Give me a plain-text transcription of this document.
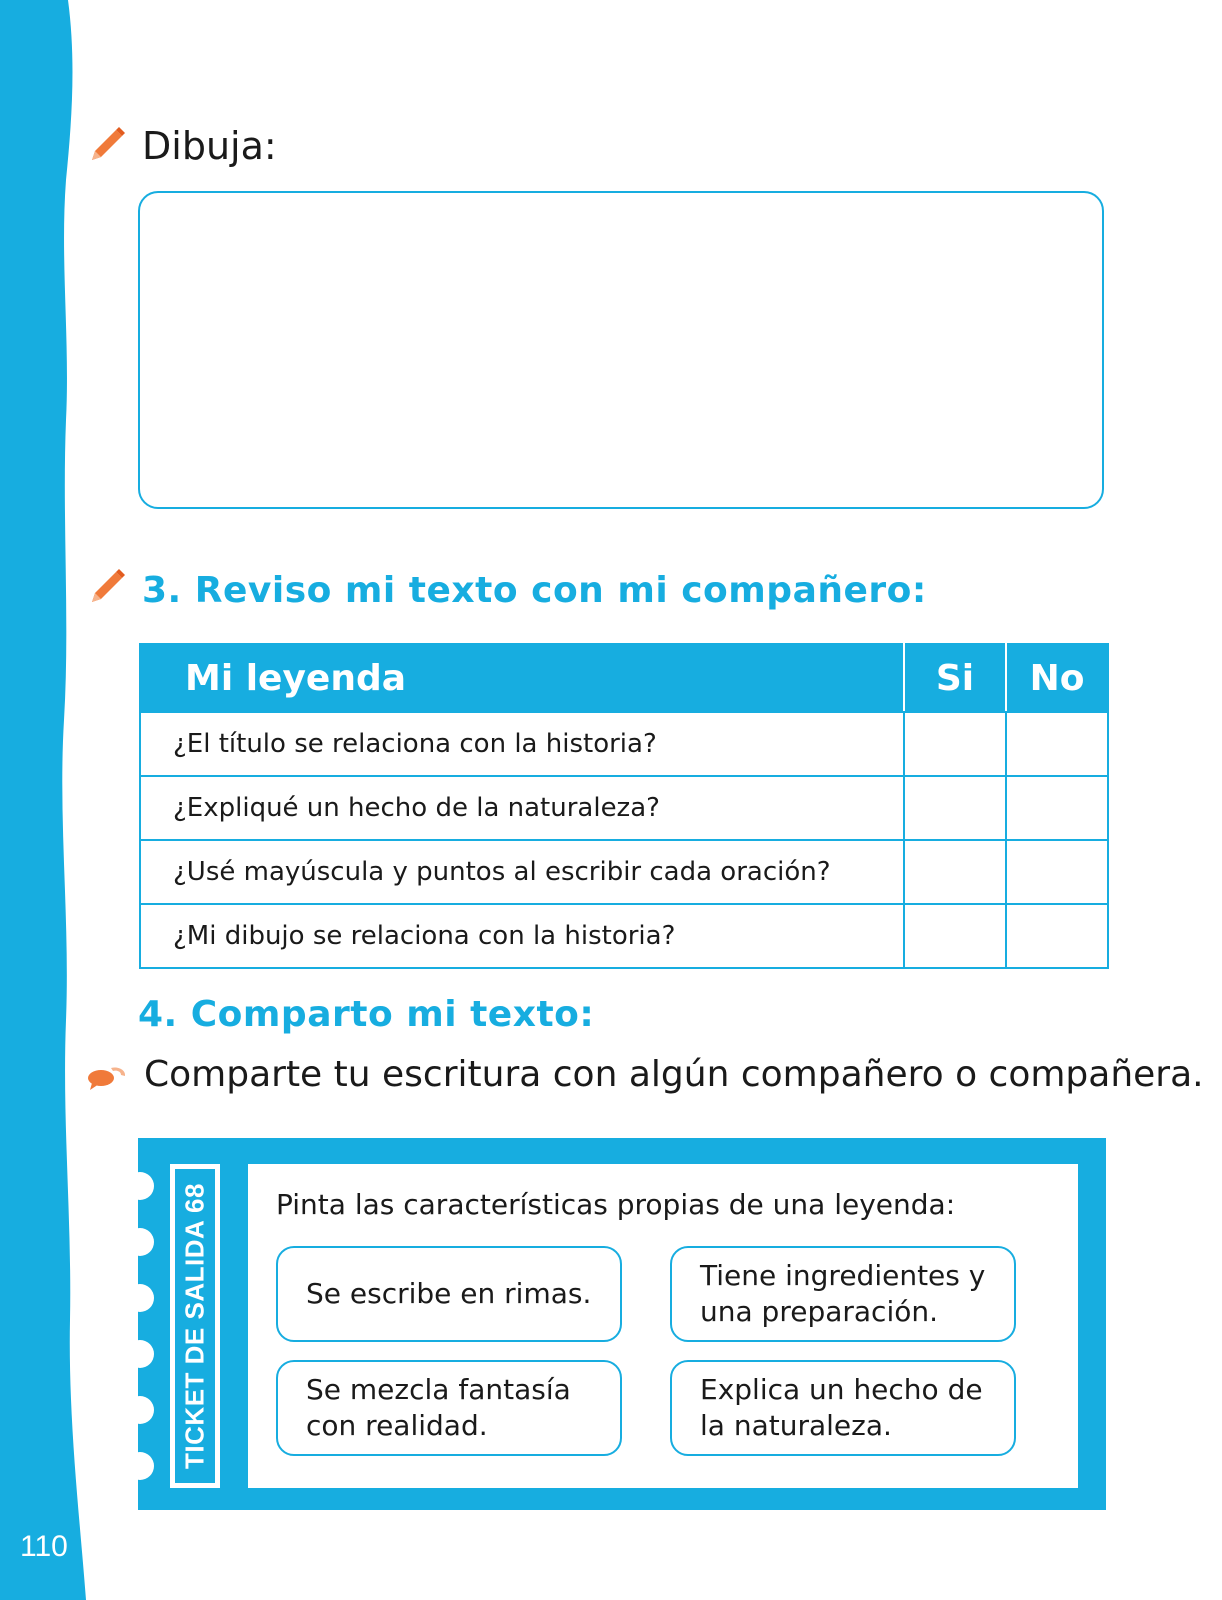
110
Dibuja:
3. Reviso mi texto con mi compañero:
Mi leyenda	Si	No
¿El título se relaciona con la historia?		
¿Expliqué un hecho de la naturaleza?		
¿Usé mayúscula y puntos al escribir cada oración?		
¿Mi dibujo se relaciona con la historia?		
4. Comparto mi texto:
Comparte tu escritura con algún compañero o compañera.
TICKET DE SALIDA 68 Pinta las características propias de una leyenda:
Se escribe en rimas.
Tiene ingredientes y una preparación.
Se mezcla fantasía con realidad.
Explica un hecho de la naturaleza.
LECTURA OA 5
